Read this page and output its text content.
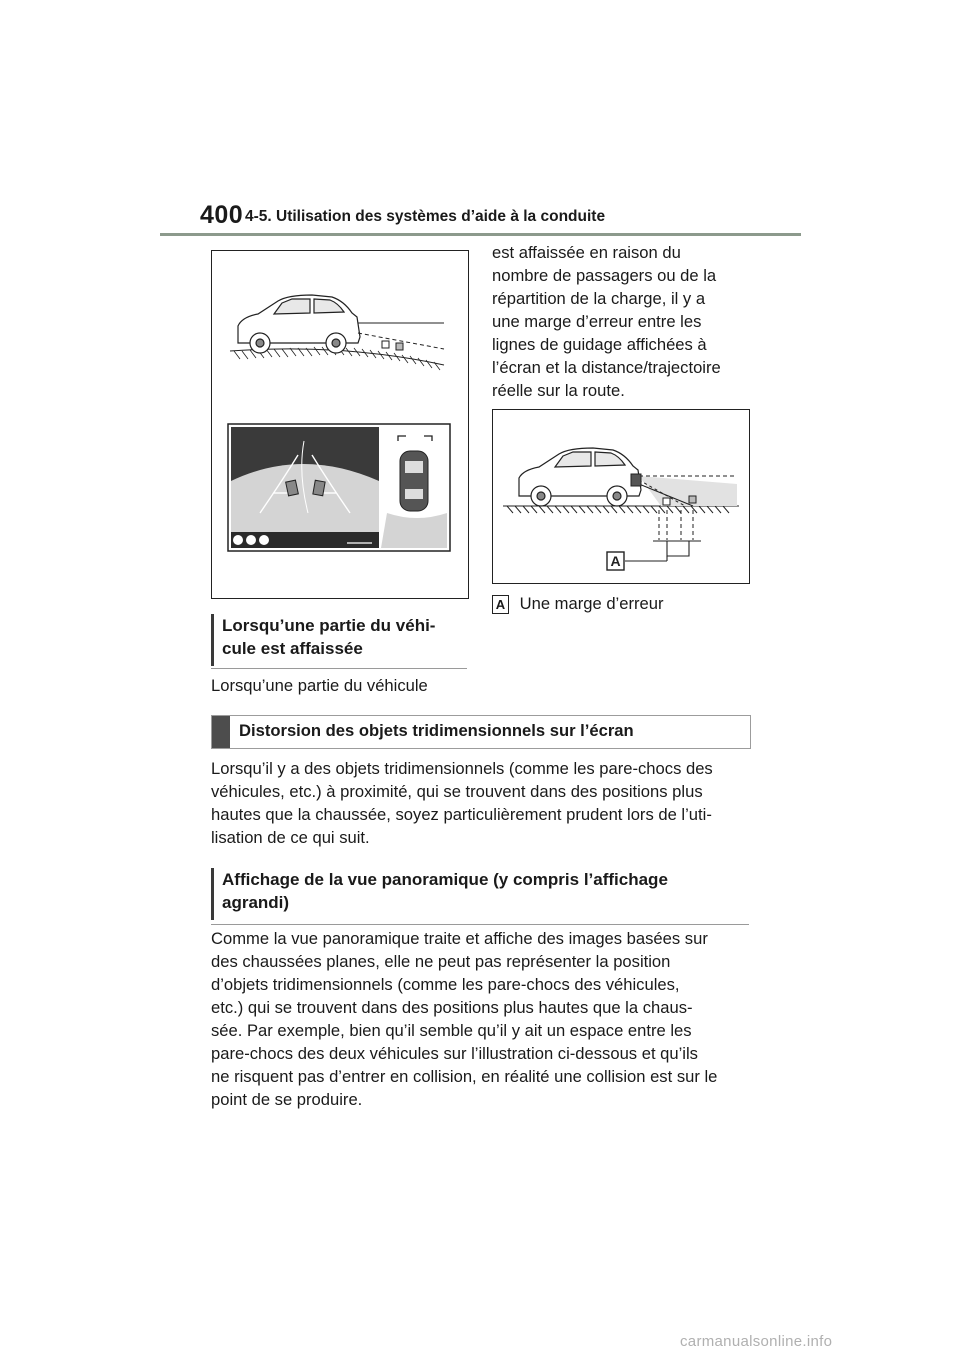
400 4-5. Utilisation des systèmes d’aide à la conduite
Lorsqu’une partie du véhi-
cule est affaissée
Lorsqu’une partie du véhicule

est affaissée en raison du

nombre de passagers ou de la

répartition de la charge, il y a

une marge d’erreur entre les

lignes de guidage affichées à

l’écran et la distance/trajectoire

réelle sur la route.

A
A Une marge d’erreur
Distorsion des objets tridimensionnels sur l’écran

Lorsqu’il y a des objets tridimensionnels (comme les pare-chocs des

véhicules, etc.) à proximité, qui se trouvent dans des positions plus

hautes que la chaussée, soyez particulièrement prudent lors de l’uti-

lisation de ce qui suit.

Affichage de la vue panoramique (y compris l’affichage
agrandi)

Comme la vue panoramique traite et affiche des images basées sur

des chaussées planes, elle ne peut pas représenter la position

d’objets tridimensionnels (comme les pare-chocs des véhicules,

etc.) qui se trouvent dans des positions plus hautes que la chaus-

sée. Par exemple, bien qu’il semble qu’il y ait un espace entre les

pare-chocs des deux véhicules sur l’illustration ci-dessous et qu’ils

ne risquent pas d’entrer en collision, en réalité une collision est sur le

point de se produire.

carmanualsonline.info
